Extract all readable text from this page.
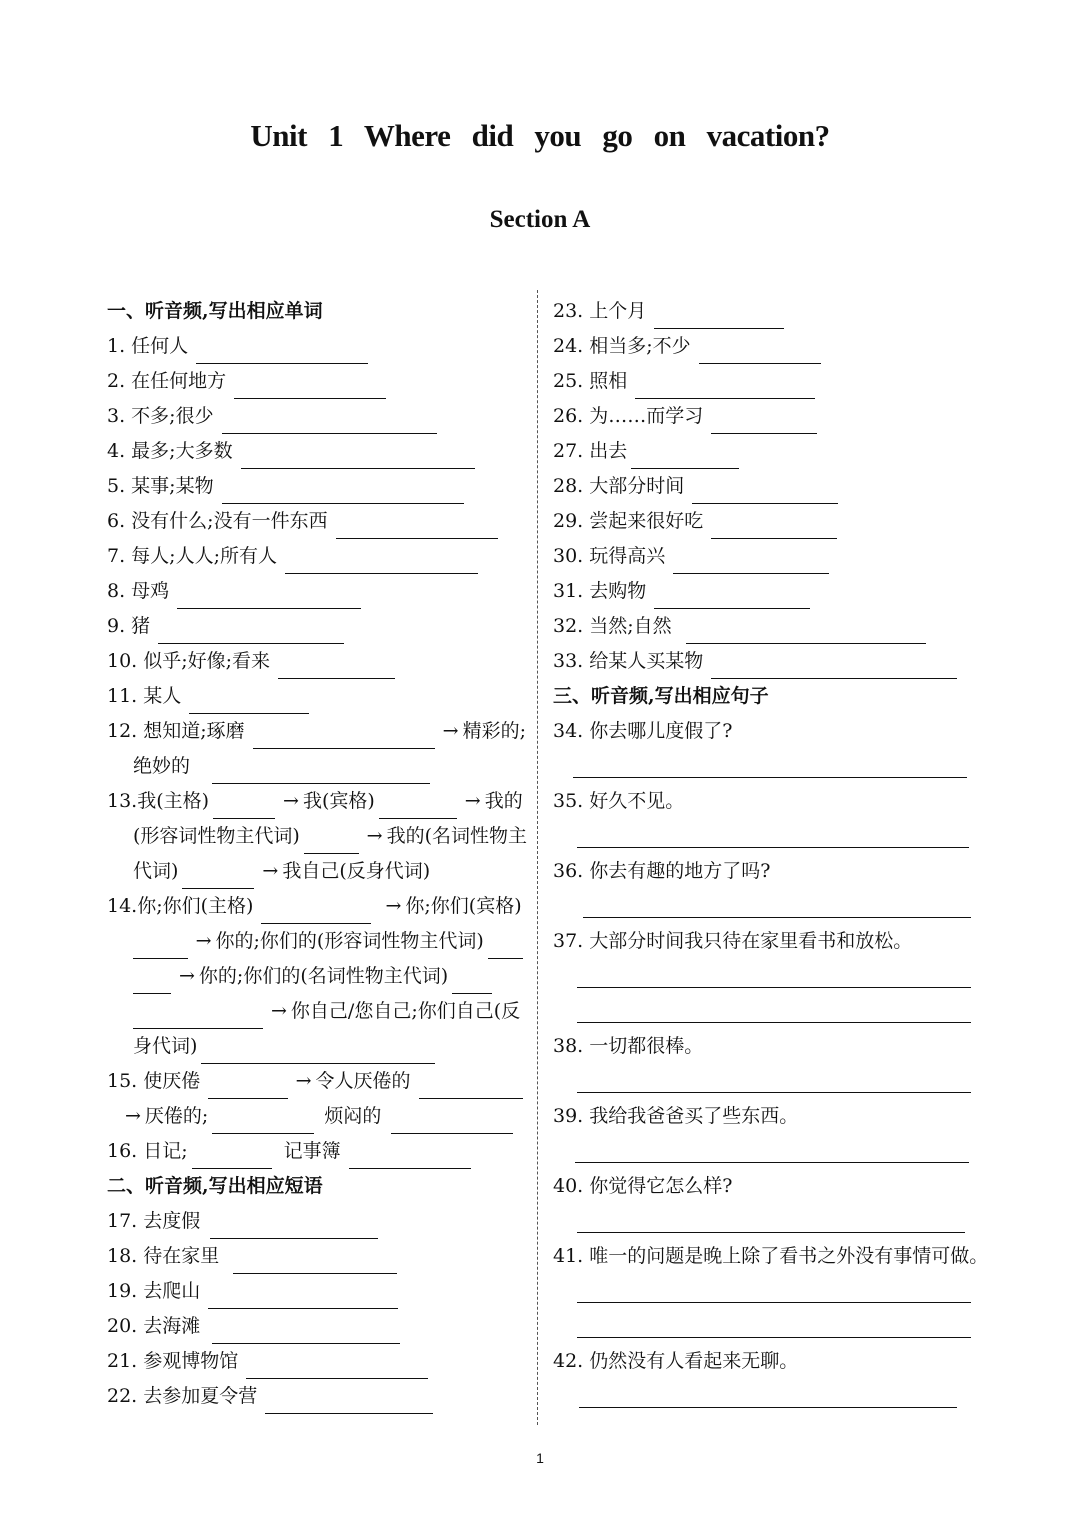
Unit 1 Where did you go on vacation?
Section A
一、听音频,写出相应单词
1. 任何人
2. 在任何地方
3. 不多;很少
4. 最多;大多数
5. 某事;某物
6. 没有什么;没有一件东西
7. 每人;人人;所有人
8. 母鸡
9. 猪
10. 似乎;好像;看来
11. 某人
12. 想知道;琢磨	→ 精彩的;
绝妙的
13.我(主格)	→ 我(宾格)	→ 我的
(形容词性物主代词)	→ 我的(名词性物主
代词)	→ 我自己(反身代词)
14.你;你们(主格)	→ 你;你们(宾格)
→ 你的;你们的(形容词性物主代词)
→ 你的;你们的(名词性物主代词)
→ 你自己/您自己;你们自己(反
身代词)
15. 使厌倦	→ 令人厌倦的
→ 厌倦的;	烦闷的
16. 日记;	记事簿
二、听音频,写出相应短语
17. 去度假
18. 待在家里
19. 去爬山
20. 去海滩
21. 参观博物馆
22. 去参加夏令营
23. 上个月
24. 相当多;不少
25. 照相
26. 为……而学习
27. 出去
28. 大部分时间
29. 尝起来很好吃
30. 玩得高兴
31. 去购物
32. 当然;自然
33. 给某人买某物
三、听音频,写出相应句子
34. 你去哪儿度假了?
35. 好久不见。
36. 你去有趣的地方了吗?
37. 大部分时间我只待在家里看书和放松。
38. 一切都很棒。
39. 我给我爸爸买了些东西。
40. 你觉得它怎么样?
41. 唯一的问题是晚上除了看书之外没有事情可做。
42. 仍然没有人看起来无聊。
1
